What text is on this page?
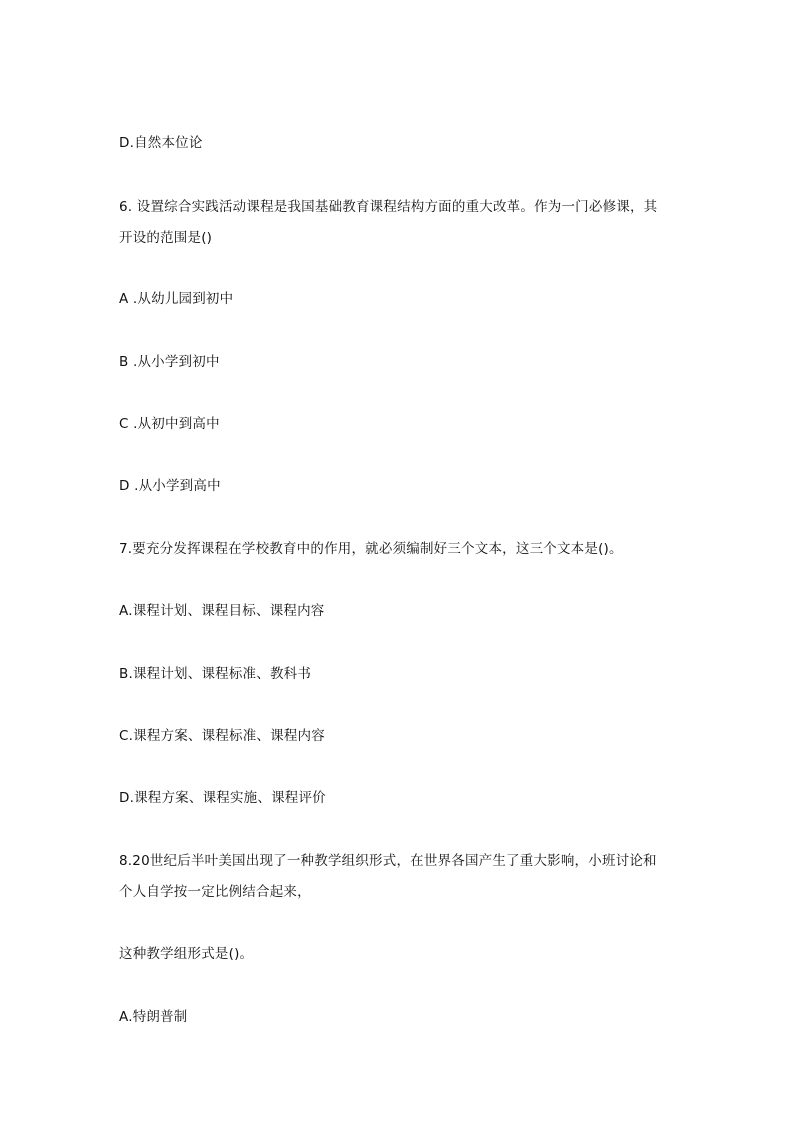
D.自然本位论
6. 设置综合实践活动课程是我国基础教育课程结构方面的重大改革。作为一门必修课，其
开设的范围是()
A .从幼儿园到初中
B .从小学到初中
C .从初中到高中
D .从小学到高中
7.要充分发挥课程在学校教育中的作用，就必须编制好三个文本，这三个文本是()。
A.课程计划、课程目标、课程内容
B.课程计划、课程标准、教科书
C.课程方案、课程标准、课程内容
D.课程方案、课程实施、课程评价
8.20世纪后半叶美国出现了一种教学组织形式，在世界各国产生了重大影响，小班讨论和
个人自学按一定比例结合起来，
这种教学组形式是()。
A.特朗普制
